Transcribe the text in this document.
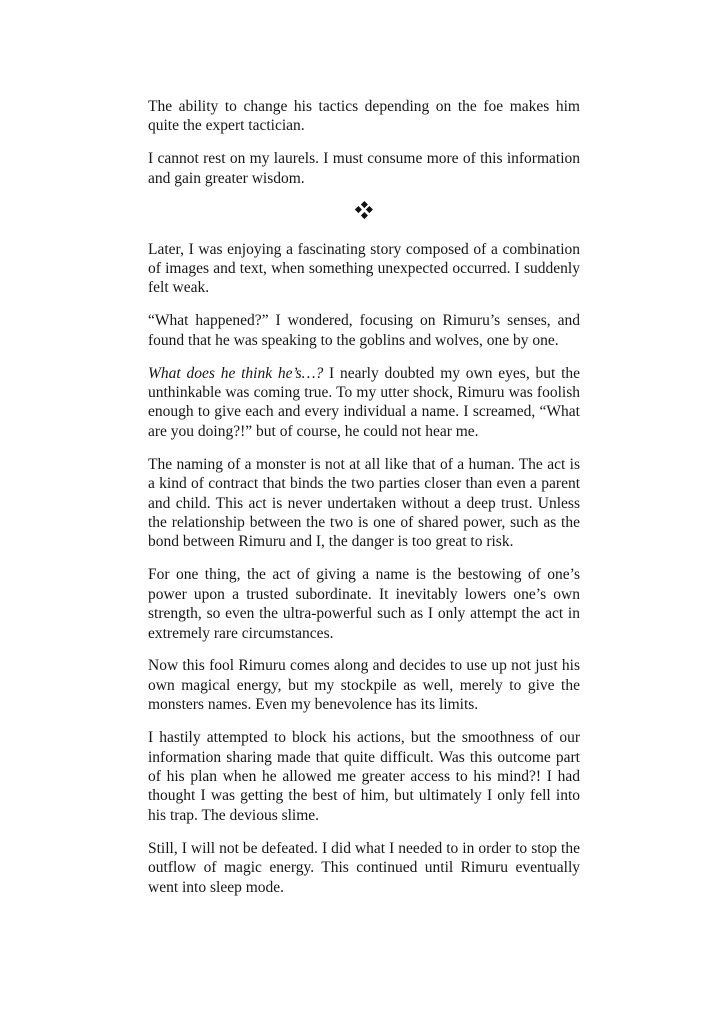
The ability to change his tactics depending on the foe makes him quite the expert tactician.

I cannot rest on my laurels. I must consume more of this information and gain greater wisdom.

Later, I was enjoying a fascinating story composed of a combination of images and text, when something unexpected occurred. I suddenly felt weak.

“What happened?” I wondered, focusing on Rimuru’s senses, and found that he was speaking to the goblins and wolves, one by one.

What does he think he’s…? I nearly doubted my own eyes, but the unthinkable was coming true. To my utter shock, Rimuru was foolish enough to give each and every individual a name. I screamed, “What are you doing?!” but of course, he could not hear me.

The naming of a monster is not at all like that of a human. The act is a kind of contract that binds the two parties closer than even a parent and child. This act is never undertaken without a deep trust. Unless the relationship between the two is one of shared power, such as the bond between Rimuru and I, the danger is too great to risk.

For one thing, the act of giving a name is the bestowing of one’s power upon a trusted subordinate. It inevitably lowers one’s own strength, so even the ultra-powerful such as I only attempt the act in extremely rare circumstances.

Now this fool Rimuru comes along and decides to use up not just his own magical energy, but my stockpile as well, merely to give the monsters names. Even my benevolence has its limits.

I hastily attempted to block his actions, but the smoothness of our information sharing made that quite difficult. Was this outcome part of his plan when he allowed me greater access to his mind?! I had thought I was getting the best of him, but ultimately I only fell into his trap. The devious slime.

Still, I will not be defeated. I did what I needed to in order to stop the outflow of magic energy. This continued until Rimuru eventually went into sleep mode.
